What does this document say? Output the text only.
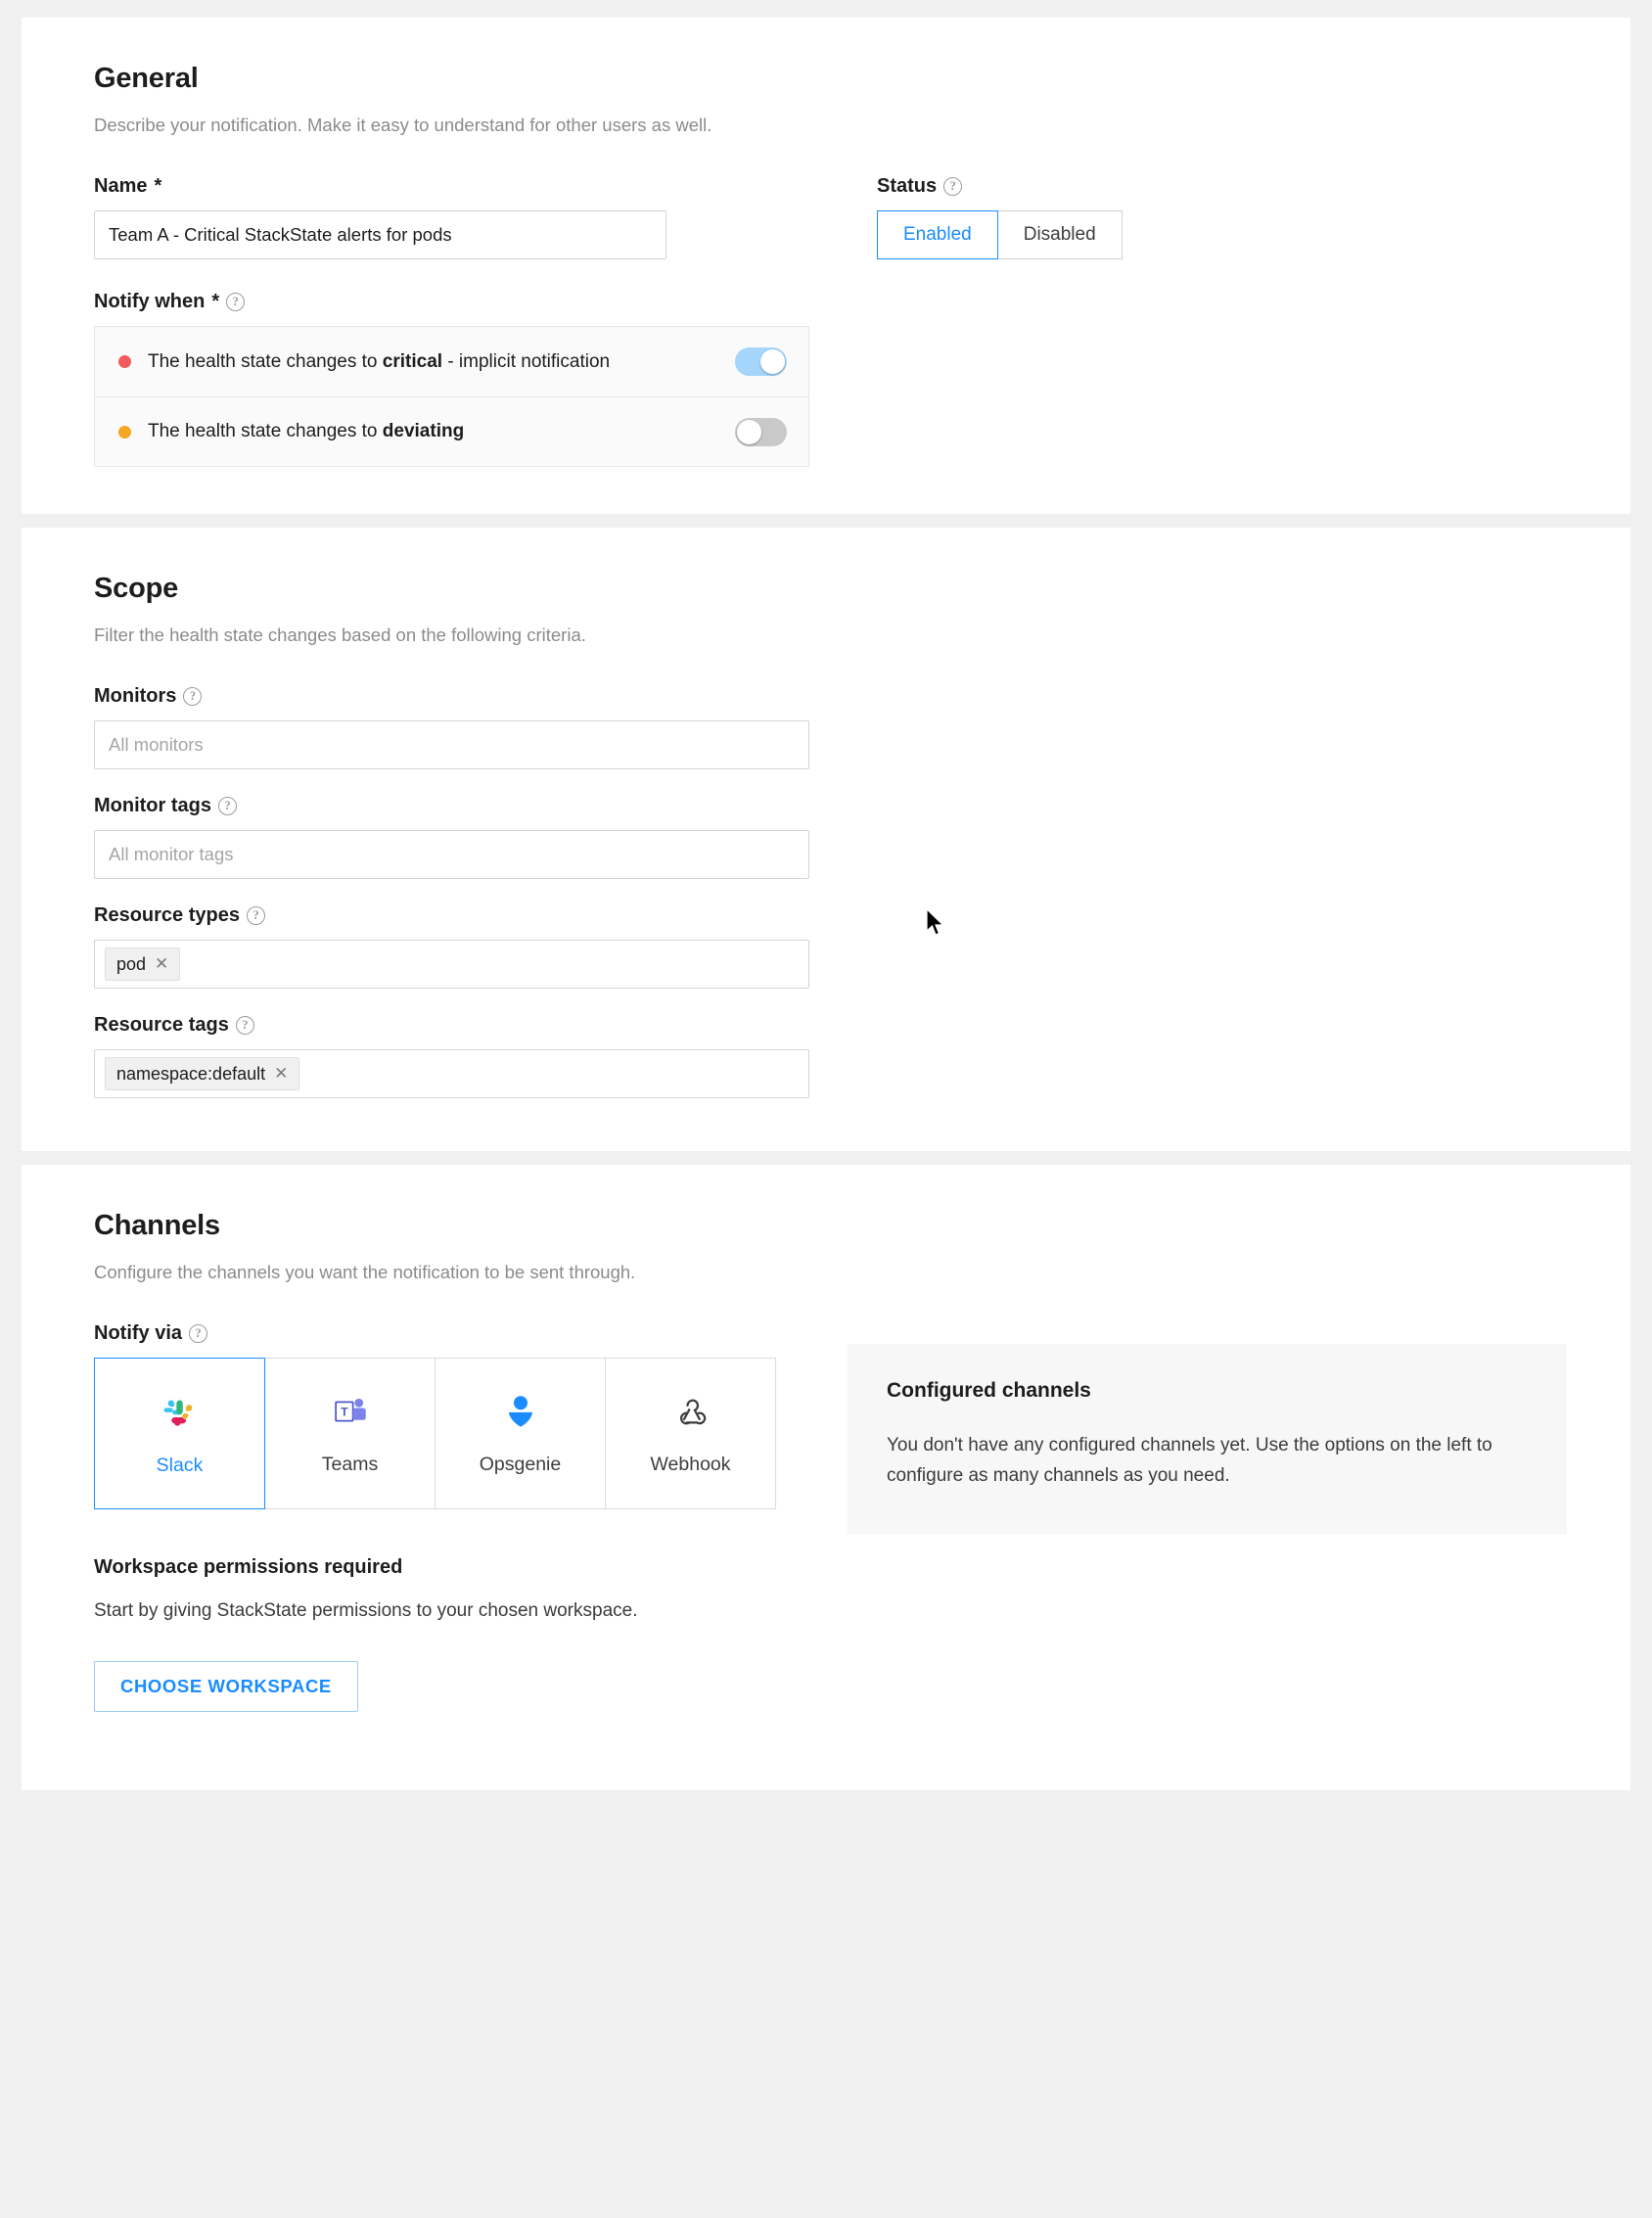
General

Describe your notification. Make it easy to understand for other users as well.

Name *
Team A - Critical StackState alerts for pods
Status	?
Enabled	Disabled
Notify when *	?
The health state changes to critical - implicit notification
The health state changes to deviating
Scope

Filter the health state changes based on the following criteria.

Monitors	?
All monitors
Monitor tags	?
All monitor tags
Resource types	?
pod ✕
Resource tags	?
namespace:default ✕
Channels

Configure the channels you want the notification to be sent through.

Notify via	?
Slack
T
Teams	Opsgenie	Webhook
Workspace permissions required
Start by giving StackState permissions to your chosen workspace.
CHOOSE WORKSPACE
Configured channels

You don't have any configured channels yet. Use the options on the left to configure as many channels as you need.
